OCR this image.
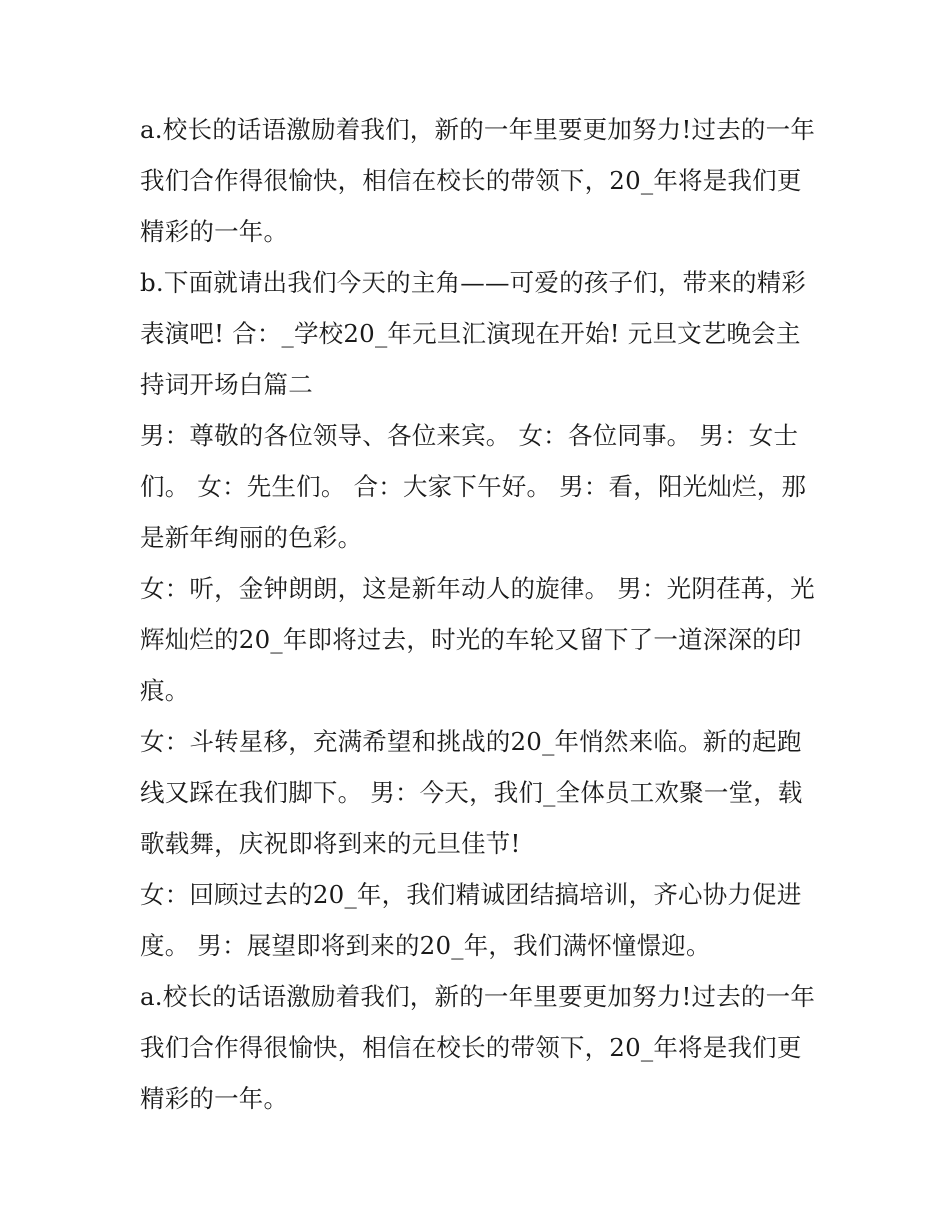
a.校长的话语激励着我们，新的一年里要更加努力!过去的一年我们合作得很愉快，相信在校长的带领下，20_年将是我们更精彩的一年。

b.下面就请出我们今天的主角——可爱的孩子们，带来的精彩表演吧! 合：_学校20_年元旦汇演现在开始! 元旦文艺晚会主持词开场白篇二

男：尊敬的各位领导、各位来宾。 女：各位同事。 男：女士们。 女：先生们。 合：大家下午好。 男：看，阳光灿烂，那是新年绚丽的色彩。

女：听，金钟朗朗，这是新年动人的旋律。 男：光阴荏苒，光辉灿烂的20_年即将过去，时光的车轮又留下了一道深深的印痕。

女：斗转星移，充满希望和挑战的20_年悄然来临。新的起跑线又踩在我们脚下。 男：今天，我们_全体员工欢聚一堂，载歌载舞，庆祝即将到来的元旦佳节!

女：回顾过去的20_年，我们精诚团结搞培训，齐心协力促进度。 男：展望即将到来的20_年，我们满怀憧憬迎。

a.校长的话语激励着我们，新的一年里要更加努力!过去的一年我们合作得很愉快，相信在校长的带领下，20_年将是我们更精彩的一年。
